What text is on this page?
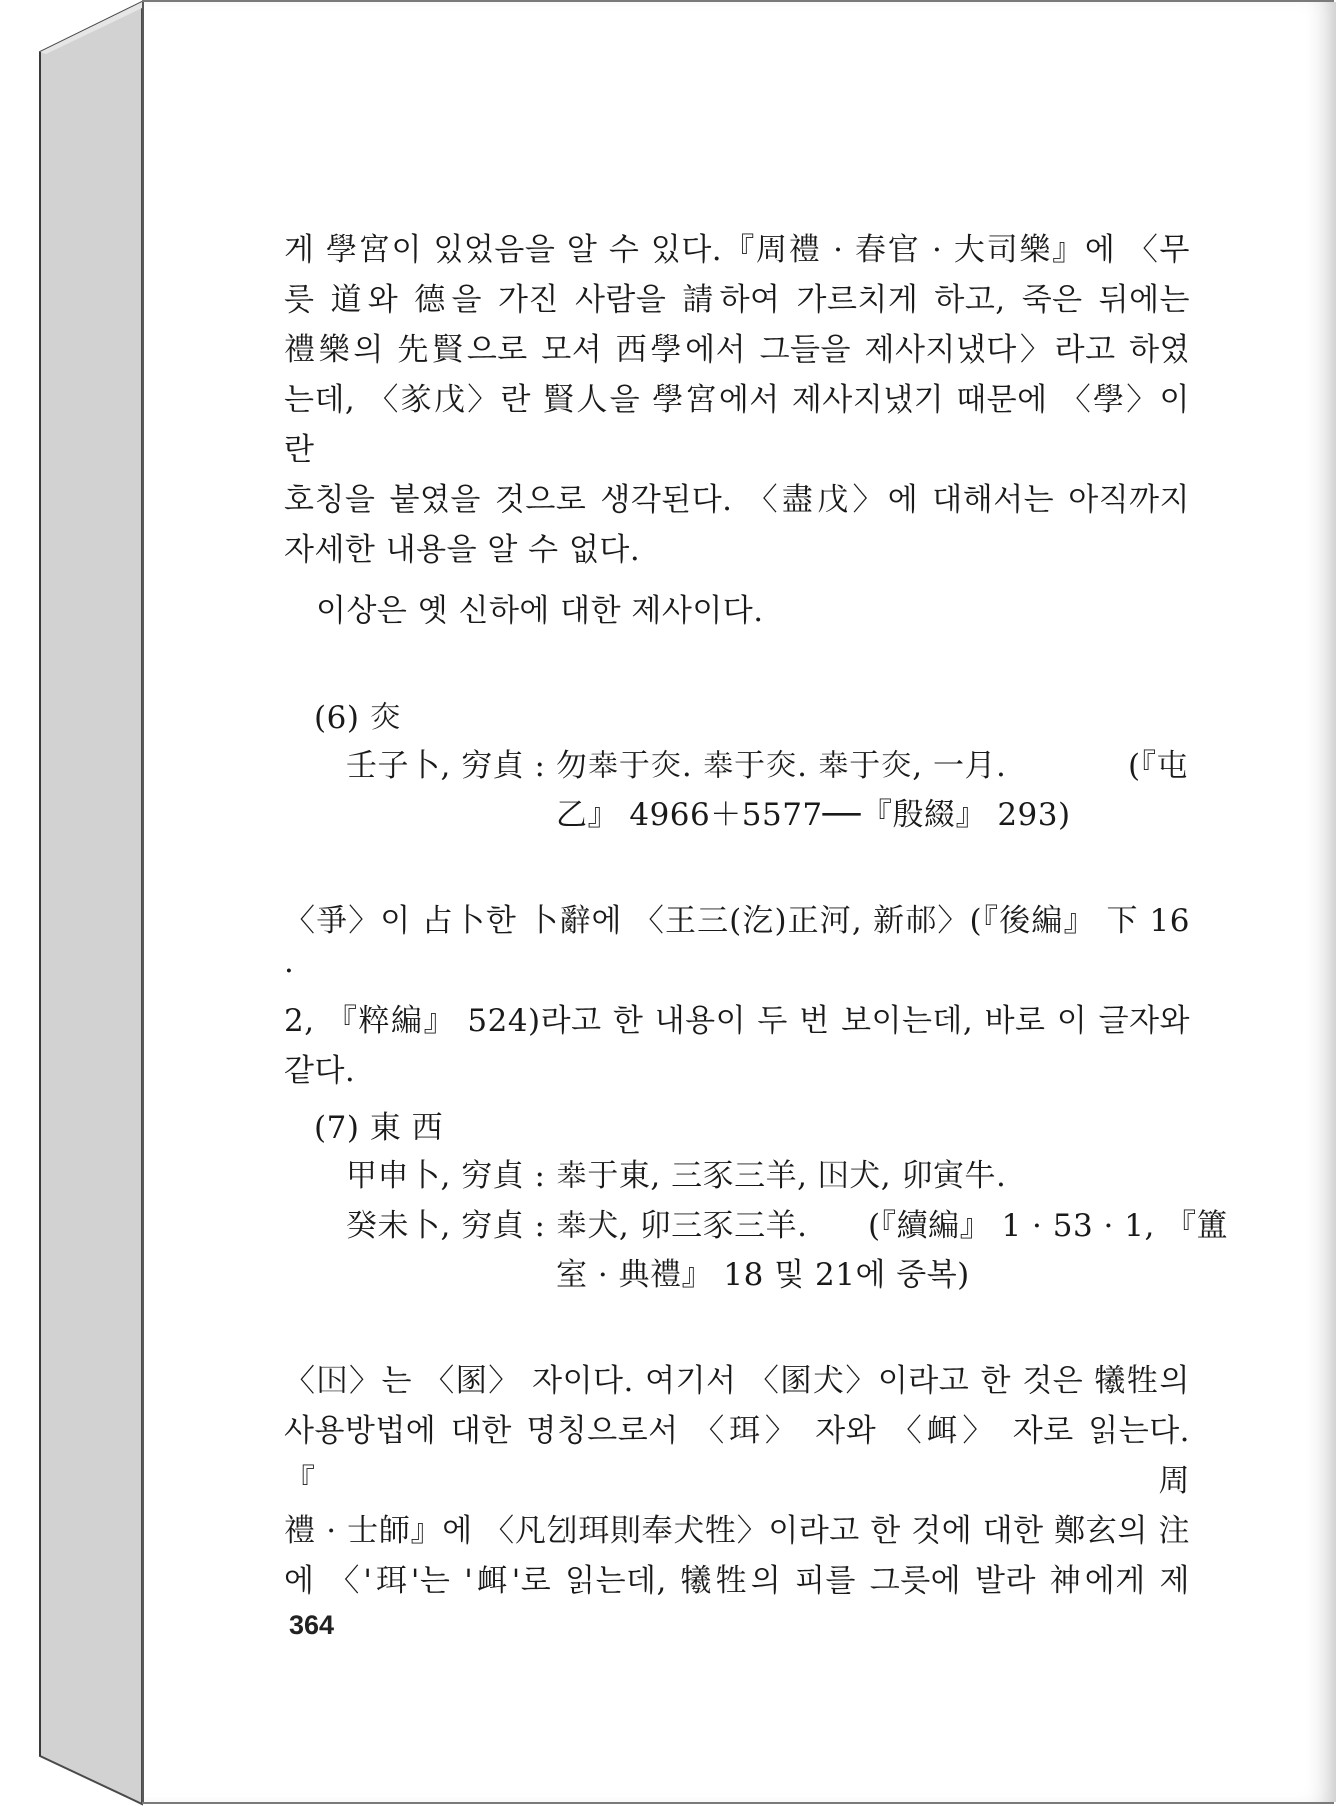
게 學宮이 있었음을 알 수 있다.『周禮 · 春官 · 大司樂』에 〈무
릇 道와 德을 가진 사람을 請하여 가르치게 하고, 죽은 뒤에는
禮樂의 先賢으로 모셔 西學에서 그들을 제사지냈다〉라고 하였
는데, 〈㒸戊〉란 賢人을 學宮에서 제사지냈기 때문에 〈學〉이란
호칭을 붙였을 것으로 생각된다. 〈盡戊〉에 대해서는 아직까지
자세한 내용을 알 수 없다.
이상은 옛 신하에 대한 제사이다.
(6) 𤆍
壬子卜, 穷貞 : 勿𠦪于𤆍. 𠦪于𤆍. 𠦪于𤆍, 一月.	(『屯
乙』 4966＋5577──『殷綴』 293)
〈爭〉이 占卜한 卜辭에 〈王三(汔)正河, 新𨙶〉(『後編』 下 16 ·
2, 『粹編』 524)라고 한 내용이 두 번 보이는데, 바로 이 글자와
같다.
(7) 東 西
甲申卜, 穷貞 : 𠦪于東, 三豕三羊, 𡆥犬, 卯寅牛.
癸未卜, 穷貞 : 𠦪犬, 卯三豕三羊.	(『續編』 1 · 53 · 1, 『簠
室 · 典禮』 18 및 21에 중복)
〈𡆥〉는 〈圂〉 자이다. 여기서 〈圂犬〉이라고 한 것은 犧牲의
사용방법에 대한 명칭으로서 〈珥〉 자와 〈衈〉 자로 읽는다.『周
禮 · 士師』에 〈凡刉珥則奉犬牲〉이라고 한 것에 대한 鄭玄의 注
에 〈'珥'는 '衈'로 읽는데, 犧牲의 피를 그릇에 발라 神에게 제
364
